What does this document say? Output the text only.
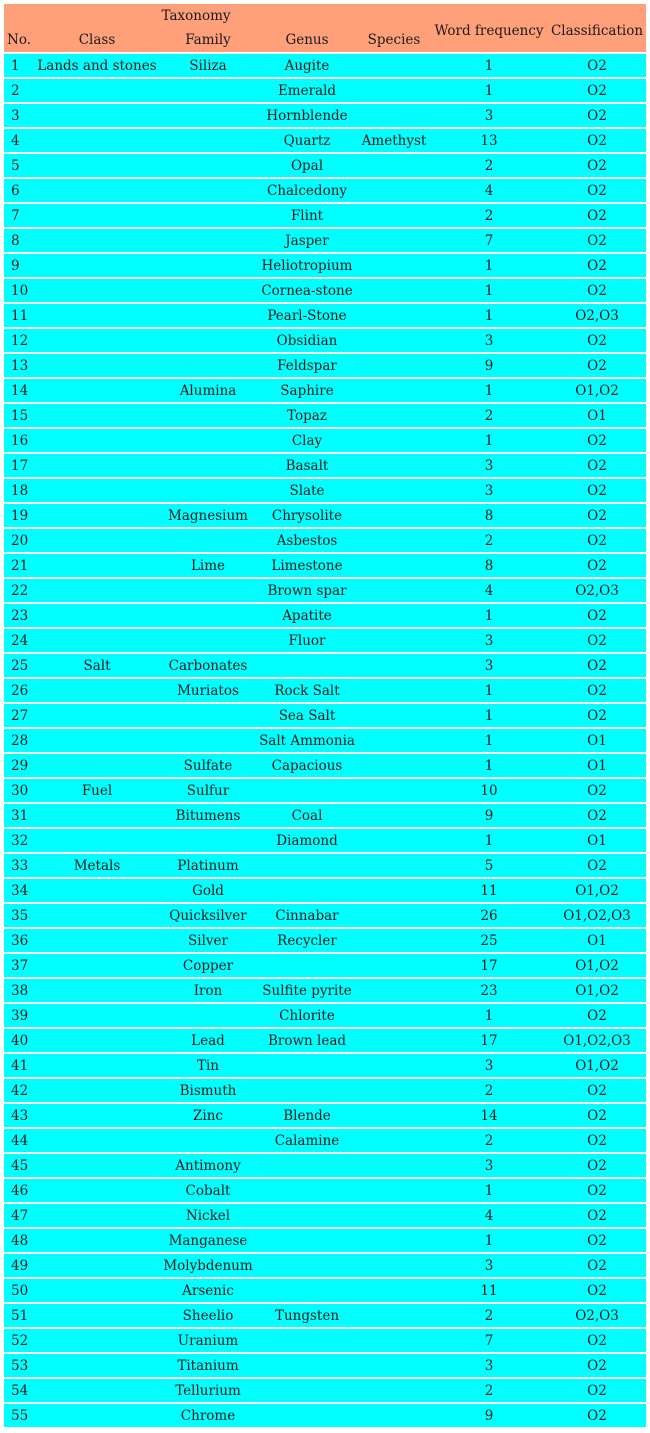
	Taxonomy				Word frequency	Classification
No.	Class	Family	Genus	Species		
1	Lands and stones	Siliza	Augite		1	O2
2			Emerald		1	O2
3			Hornblende		3	O2
4			Quartz	Amethyst	13	O2
5			Opal		2	O2
6			Chalcedony		4	O2
7			Flint		2	O2
8			Jasper		7	O2
9			Heliotropium		1	O2
10			Cornea-stone		1	O2
11			Pearl-Stone		1	O2,O3
12			Obsidian		3	O2
13			Feldspar		9	O2
14		Alumina	Saphire		1	O1,O2
15			Topaz		2	O1
16			Clay		1	O2
17			Basalt		3	O2
18			Slate		3	O2
19		Magnesium	Chrysolite		8	O2
20			Asbestos		2	O2
21		Lime	Limestone		8	O2
22			Brown spar		4	O2,O3
23			Apatite		1	O2
24			Fluor		3	O2
25	Salt	Carbonates			3	O2
26		Muriatos	Rock Salt		1	O2
27			Sea Salt		1	O2
28			Salt Ammonia		1	O1
29		Sulfate	Capacious		1	O1
30	Fuel	Sulfur			10	O2
31		Bitumens	Coal		9	O2
32			Diamond		1	O1
33	Metals	Platinum			5	O2
34		Gold			11	O1,O2
35		Quicksilver	Cinnabar		26	O1,O2,O3
36		Silver	Recycler		25	O1
37		Copper			17	O1,O2
38		Iron	Sulfite pyrite		23	O1,O2
39			Chlorite		1	O2
40		Lead	Brown lead		17	O1,O2,O3
41		Tin			3	O1,O2
42		Bismuth			2	O2
43		Zinc	Blende		14	O2
44			Calamine		2	O2
45		Antimony			3	O2
46		Cobalt			1	O2
47		Nickel			4	O2
48		Manganese			1	O2
49		Molybdenum			3	O2
50		Arsenic			11	O2
51		Sheelio	Tungsten		2	O2,O3
52		Uranium			7	O2
53		Titanium			3	O2
54		Tellurium			2	O2
55		Chrome			9	O2
